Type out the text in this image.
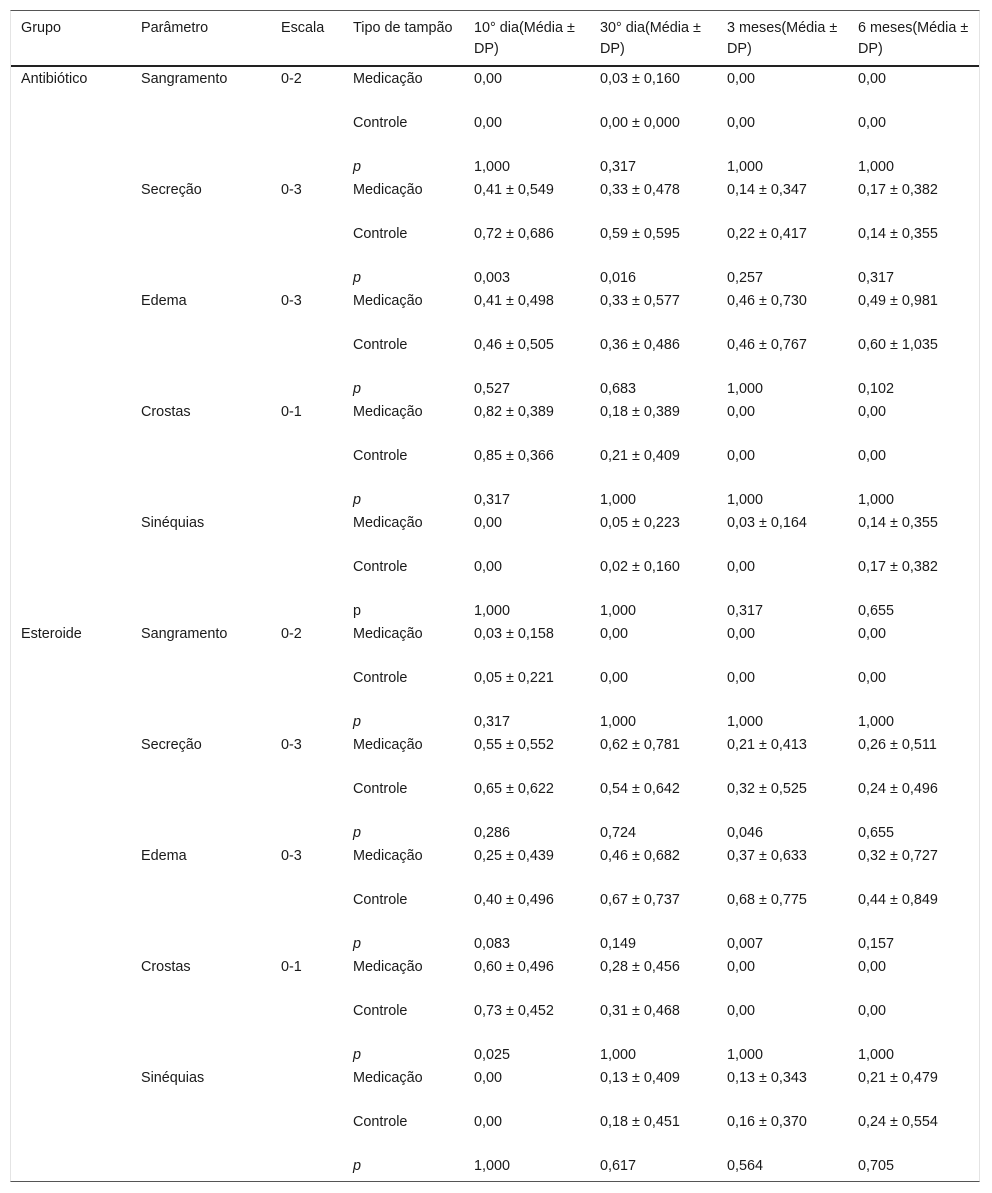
Grupo	Parâmetro	Escala	Tipo de tampão	10° dia(Média ± DP)	30° dia(Média ± DP)	3 meses(Média ± DP)	6 meses(Média ± DP)
Antibiótico	Sangramento	0-2	Medicação	0,00	0,03 ± 0,160	0,00	0,00
			Controle	0,00	0,00 ± 0,000	0,00	0,00
			p	1,000	0,317	1,000	1,000
	Secreção	0-3	Medicação	0,41 ± 0,549	0,33 ± 0,478	0,14 ± 0,347	0,17 ± 0,382
			Controle	0,72 ± 0,686	0,59 ± 0,595	0,22 ± 0,417	0,14 ± 0,355
			p	0,003	0,016	0,257	0,317
	Edema	0-3	Medicação	0,41 ± 0,498	0,33 ± 0,577	0,46 ± 0,730	0,49 ± 0,981
			Controle	0,46 ± 0,505	0,36 ± 0,486	0,46 ± 0,767	0,60 ± 1,035
			p	0,527	0,683	1,000	0,102
	Crostas	0-1	Medicação	0,82 ± 0,389	0,18 ± 0,389	0,00	0,00
			Controle	0,85 ± 0,366	0,21 ± 0,409	0,00	0,00
			p	0,317	1,000	1,000	1,000
	Sinéquias		Medicação	0,00	0,05 ± 0,223	0,03 ± 0,164	0,14 ± 0,355
			Controle	0,00	0,02 ± 0,160	0,00	0,17 ± 0,382
			p	1,000	1,000	0,317	0,655
Esteroide	Sangramento	0-2	Medicação	0,03 ± 0,158	0,00	0,00	0,00
			Controle	0,05 ± 0,221	0,00	0,00	0,00
			p	0,317	1,000	1,000	1,000
	Secreção	0-3	Medicação	0,55 ± 0,552	0,62 ± 0,781	0,21 ± 0,413	0,26 ± 0,511
			Controle	0,65 ± 0,622	0,54 ± 0,642	0,32 ± 0,525	0,24 ± 0,496
			p	0,286	0,724	0,046	0,655
	Edema	0-3	Medicação	0,25 ± 0,439	0,46 ± 0,682	0,37 ± 0,633	0,32 ± 0,727
			Controle	0,40 ± 0,496	0,67 ± 0,737	0,68 ± 0,775	0,44 ± 0,849
			p	0,083	0,149	0,007	0,157
	Crostas	0-1	Medicação	0,60 ± 0,496	0,28 ± 0,456	0,00	0,00
			Controle	0,73 ± 0,452	0,31 ± 0,468	0,00	0,00
			p	0,025	1,000	1,000	1,000
	Sinéquias		Medicação	0,00	0,13 ± 0,409	0,13 ± 0,343	0,21 ± 0,479
			Controle	0,00	0,18 ± 0,451	0,16 ± 0,370	0,24 ± 0,554
			p	1,000	0,617	0,564	0,705
